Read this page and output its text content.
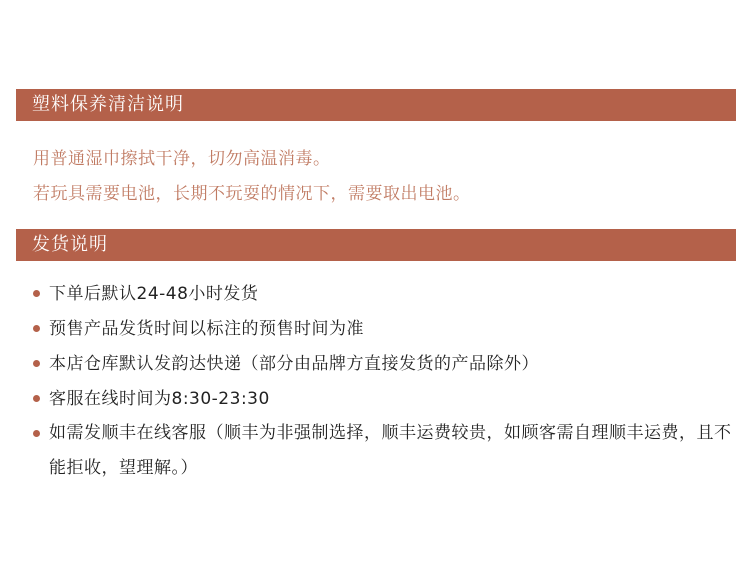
塑料保养清洁说明
用普通湿巾擦拭干净，切勿高温消毒。
若玩具需要电池，长期不玩耍的情况下，需要取出电池。
发货说明
下单后默认24-48小时发货
预售产品发货时间以标注的预售时间为准
本店仓库默认发韵达快递（部分由品牌方直接发货的产品除外）
客服在线时间为8:30-23:30
如需发顺丰在线客服（顺丰为非强制选择，顺丰运费较贵，如顾客需自理顺丰运费，且不能拒收，望理解。）
